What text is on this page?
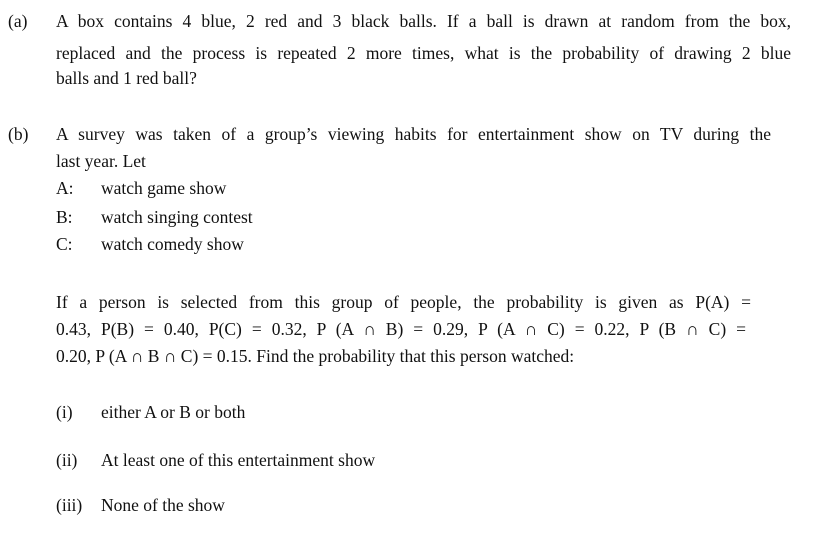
(a) A box contains 4 blue, 2 red and 3 black balls. If a ball is drawn at random from the box,
replaced and the process is repeated 2 more times, what is the probability of drawing 2 blue
balls and 1 red ball?
(b) A survey was taken of a group’s viewing habits for entertainment show on TV during the
last year. Let
A: watch game show
B: watch singing contest
C: watch comedy show
If a person is selected from this group of people, the probability is given as P(A) =
0.43, P(B) = 0.40, P(C) = 0.32, P (A ∩ B) = 0.29, P (A ∩ C) = 0.22, P (B ∩ C) =
0.20, P (A ∩ B ∩ C) = 0.15. Find the probability that this person watched:
(i) either A or B or both
(ii) At least one of this entertainment show
(iii) None of the show
